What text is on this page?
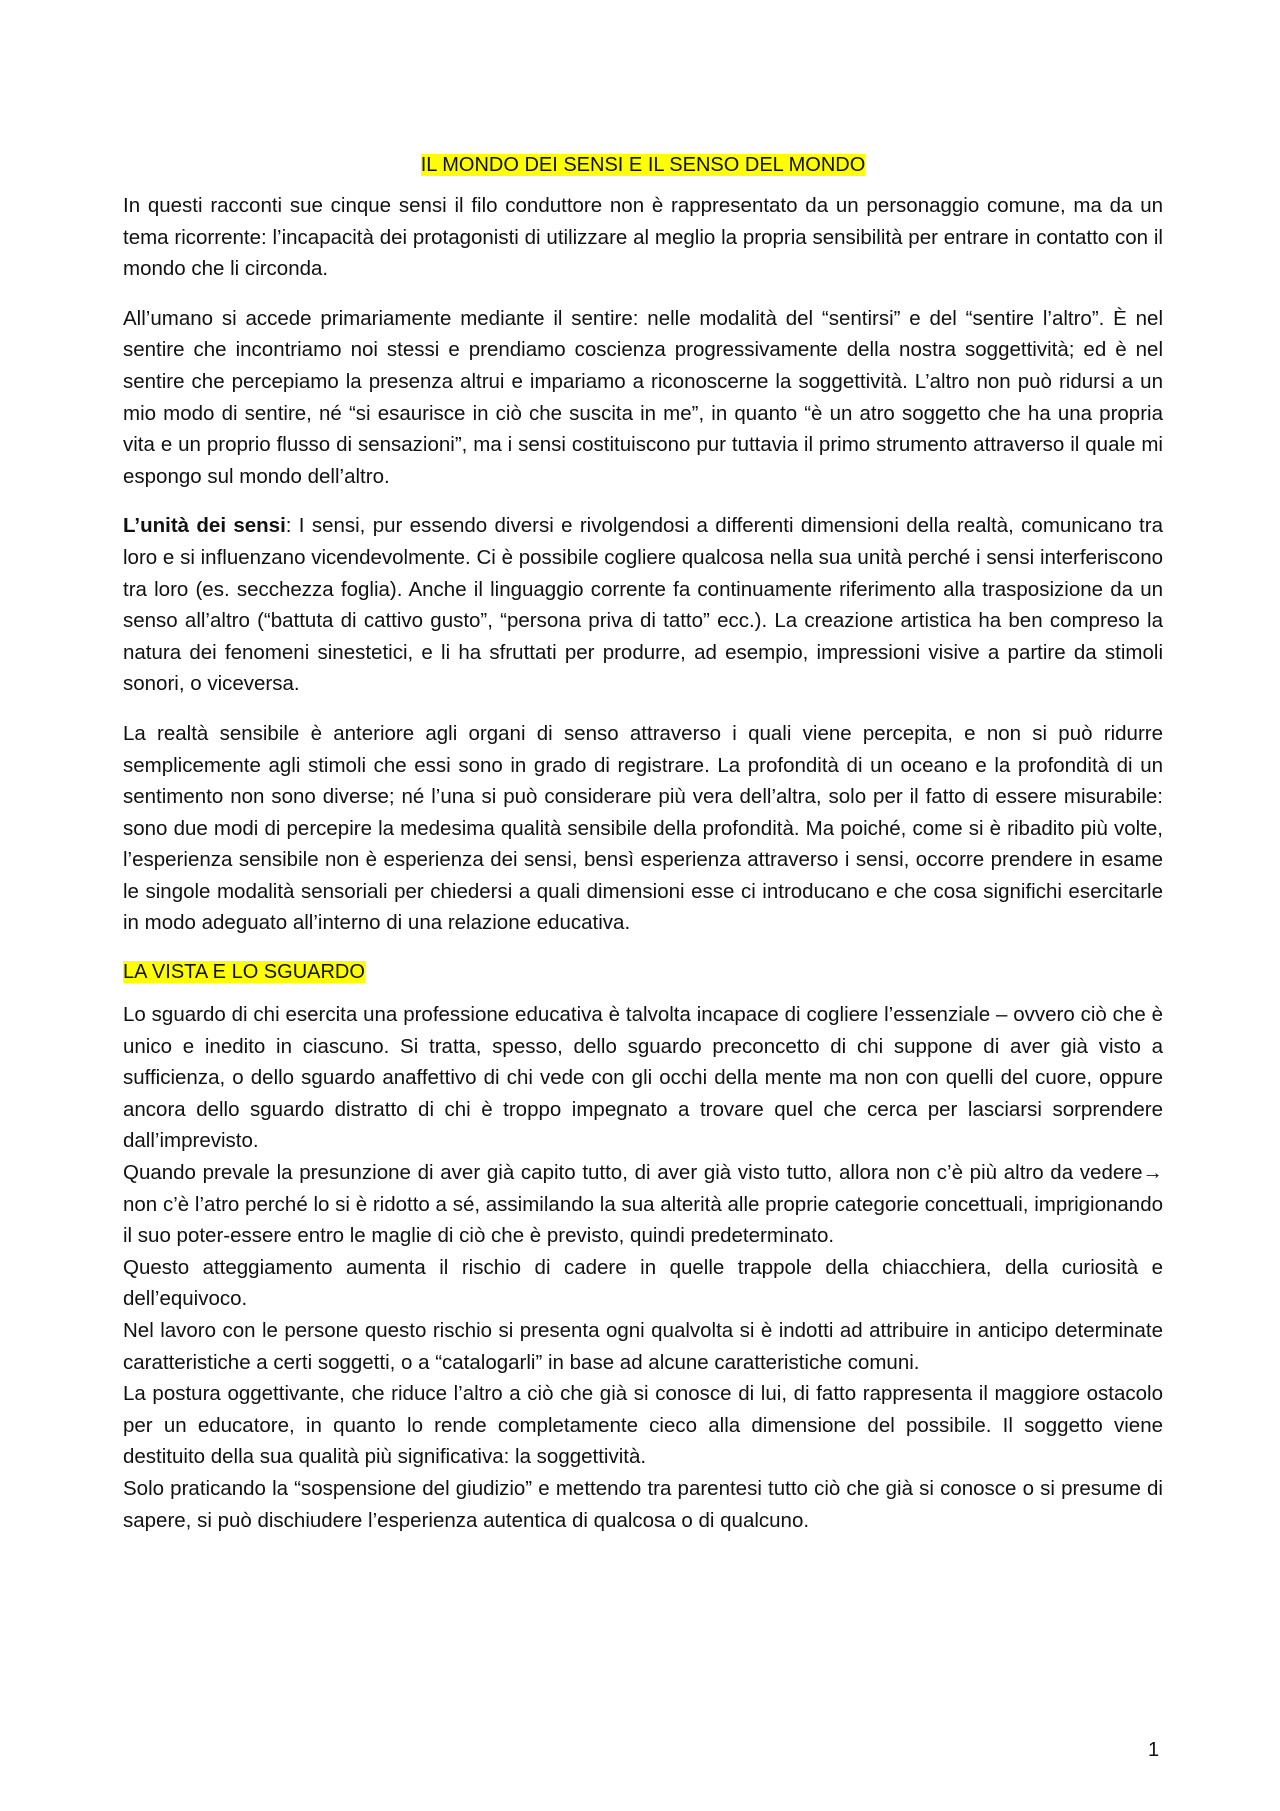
IL MONDO DEI SENSI E IL SENSO DEL MONDO

In questi racconti sue cinque sensi il filo conduttore non è rappresentato da un personaggio comune, ma da un tema ricorrente: l’incapacità dei protagonisti di utilizzare al meglio la propria sensibilità per entrare in contatto con il mondo che li circonda.

All’umano si accede primariamente mediante il sentire: nelle modalità del “sentirsi” e del “sentire l’altro”. È nel sentire che incontriamo noi stessi e prendiamo coscienza progressivamente della nostra soggettività; ed è nel sentire che percepiamo la presenza altrui e impariamo a riconoscerne la soggettività. L’altro non può ridursi a un mio modo di sentire, né “si esaurisce in ciò che suscita in me”, in quanto “è un atro soggetto che ha una propria vita e un proprio flusso di sensazioni”, ma i sensi costituiscono pur tuttavia il primo strumento attraverso il quale mi espongo sul mondo dell’altro.

L’unità dei sensi: I sensi, pur essendo diversi e rivolgendosi a differenti dimensioni della realtà, comunicano tra loro e si influenzano vicendevolmente. Ci è possibile cogliere qualcosa nella sua unità perché i sensi interferiscono tra loro (es. secchezza foglia). Anche il linguaggio corrente fa continuamente riferimento alla trasposizione da un senso all’altro (“battuta di cattivo gusto”, “persona priva di tatto” ecc.). La creazione artistica ha ben compreso la natura dei fenomeni sinestetici, e li ha sfruttati per produrre, ad esempio, impressioni visive a partire da stimoli sonori, o viceversa.

La realtà sensibile è anteriore agli organi di senso attraverso i quali viene percepita, e non si può ridurre semplicemente agli stimoli che essi sono in grado di registrare. La profondità di un oceano e la profondità di un sentimento non sono diverse; né l’una si può considerare più vera dell’altra, solo per il fatto di essere misurabile: sono due modi di percepire la medesima qualità sensibile della profondità. Ma poiché, come si è ribadito più volte, l’esperienza sensibile non è esperienza dei sensi, bensì esperienza attraverso i sensi, occorre prendere in esame le singole modalità sensoriali per chiedersi a quali dimensioni esse ci introducano e che cosa significhi esercitarle in modo adeguato all’interno di una relazione educativa.

LA VISTA E LO SGUARDO

Lo sguardo di chi esercita una professione educativa è talvolta incapace di cogliere l’essenziale – ovvero ciò che è unico e inedito in ciascuno. Si tratta, spesso, dello sguardo preconcetto di chi suppone di aver già visto a sufficienza, o dello sguardo anaffettivo di chi vede con gli occhi della mente ma non con quelli del cuore, oppure ancora dello sguardo distratto di chi è troppo impegnato a trovare quel che cerca per lasciarsi sorprendere dall’imprevisto.

Quando prevale la presunzione di aver già capito tutto, di aver già visto tutto, allora non c’è più altro da vedere→ non c’è l’atro perché lo si è ridotto a sé, assimilando la sua alterità alle proprie categorie concettuali, imprigionando il suo poter-essere entro le maglie di ciò che è previsto, quindi predeterminato.

Questo atteggiamento aumenta il rischio di cadere in quelle trappole della chiacchiera, della curiosità e dell’equivoco.

Nel lavoro con le persone questo rischio si presenta ogni qualvolta si è indotti ad attribuire in anticipo determinate caratteristiche a certi soggetti, o a “catalogarli” in base ad alcune caratteristiche comuni.

La postura oggettivante, che riduce l’altro a ciò che già si conosce di lui, di fatto rappresenta il maggiore ostacolo per un educatore, in quanto lo rende completamente cieco alla dimensione del possibile. Il soggetto viene destituito della sua qualità più significativa: la soggettività.

Solo praticando la “sospensione del giudizio” e mettendo tra parentesi tutto ciò che già si conosce o si presume di sapere, si può dischiudere l’esperienza autentica di qualcosa o di qualcuno.

1
